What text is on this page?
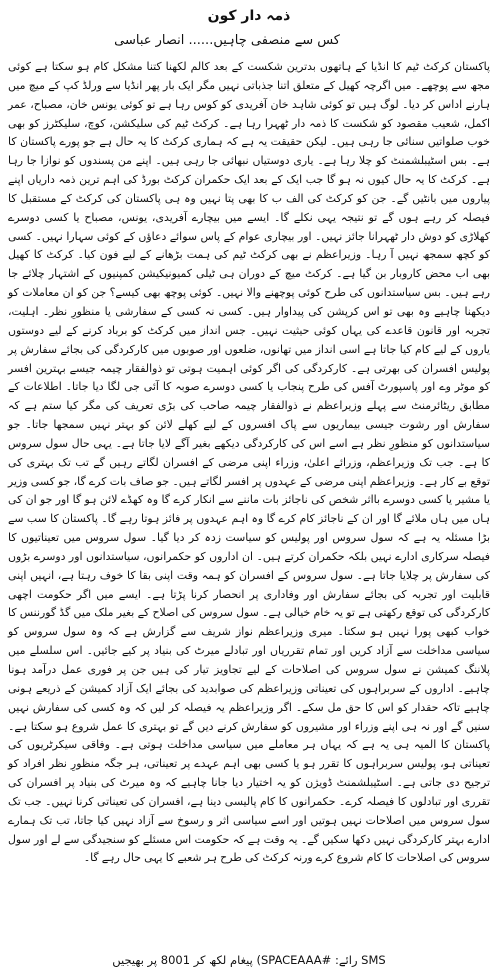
ذمہ دار کون
کس سے منصفی چاہیں...... انصار عباسی

پاکستان کرکٹ ٹیم کا انڈیا کے ہاتھوں بدترین شکست کے بعد کالم لکھنا کتنا مشکل کام ہو سکتا ہے کوئی مجھ سے پوچھے۔ میں اگرچہ کھیل کے متعلق اتنا جذباتی نہیں مگر ایک بار پھر انڈیا سے ورلڈ کپ کے میچ میں ہارنے اداس کر دیا۔ لوگ ہیں تو کوئی شاہد خان آفریدی کو کوس رہا ہے تو کوئی یونس خان، مصباح، عمر اکمل، شعیب مقصود کو شکست کا ذمہ دار ٹھہرا رہا ہے۔ کرکٹ ٹیم کی سلیکشن، کوچ، سلیکٹرز کو بھی خوب صلواتیں سنائی جا رہی ہیں۔ لیکن حقیقت یہ ہے کہ ہماری کرکٹ کا یہ حال ہے جو پورے پاکستان کا ہے۔ بس اسٹیبلشمنٹ کو چلا رہا ہے۔ یاری دوستیاں نبھائی جا رہی ہیں۔ اپنے من پسندوں کو نوازا جا رہا ہے۔ کرکٹ کا یہ حال کیوں نہ ہو گا جب ایک کے بعد ایک حکمران کرکٹ بورڈ کی اہم ترین ذمہ داریاں اپنے پیاروں میں بانٹیں گے۔ جن کو کرکٹ کی الف ب کا بھی پتا نہیں وہ ہی پاکستان کی کرکٹ کے مستقبل کا فیصلہ کر رہے ہوں گے تو نتیجہ یہی نکلے گا۔ ایسے میں بیچارے آفریدی، یونس، مصباح یا کسی دوسرے کھلاڑی کو دوش دار ٹھہرانا جائز نہیں۔ اور بیچاری عوام کے پاس سوائے دعاؤں کے کوئی سہارا نہیں۔ کسی کو کچھ سمجھ نہیں آ رہا۔ وزیراعظم نے بھی کرکٹ ٹیم کی ہمت بڑھانے کے لیے فون کیا۔ کرکٹ کا کھیل بھی اب محض کاروبار بن گیا ہے۔ کرکٹ میچ کے دوران ہی ٹیلی کمیونیکیشن کمپنیوں کے اشتہار چلائے جا رہے ہیں۔ بس سیاستدانوں کی طرح کوئی پوچھنے والا نہیں۔ کوئی پوچھ بھی کیسے؟ جن کو ان معاملات کو دیکھنا چاہیے وہ بھی تو اس کرپشن کی پیداوار ہیں۔ کسی نہ کسی کے سفارشی یا منظورِ نظر۔ اہلیت، تجربہ اور قانون قاعدے کی یہاں کوئی حیثیت نہیں۔ جس انداز میں کرکٹ کو برباد کرنے کے لیے دوستوں یاروں کے لیے کام کیا جاتا ہے اسی انداز میں تھانوں، ضلعوں اور صوبوں میں کارکردگی کی بجائے سفارش پر پولیس افسران کی بھرتی ہے۔ کارکردگی کی اگر کوئی اہمیت ہوتی تو ذوالفقار چیمہ جیسے بہترین افسر کو موٹر وے اور پاسپورٹ آفس کی طرح پنجاب یا کسی دوسرے صوبہ کا آئی جی لگا دیا جاتا۔ اطلاعات کے مطابق ریٹائرمنٹ سے پہلے وزیراعظم نے ذوالفقار چیمہ صاحب کی بڑی تعریف کی مگر کیا ستم ہے کہ سفارش اور رشوت جیسی بیماریوں سے پاک افسروں کے لیے کھلے لائن کو بہتر نہیں سمجھا جاتا۔ جو سیاستدانوں کو منظورِ نظر ہے اسے اس کی کارکردگی دیکھے بغیر آگے لایا جاتا ہے۔ یہی حال سول سروس کا ہے۔ جب تک وزیراعظم، وزرائے اعلیٰ، وزراء اپنی مرضی کے افسران لگاتے رہیں گے تب تک بہتری کی توقع بے کار ہے۔ وزیراعظم اپنی مرضی کے عہدوں پر افسر لگاتے ہیں۔ جو صاف بات کرے گا، جو کسی وزیر یا مشیر یا کسی دوسرے بااثر شخص کی ناجائز بات ماننے سے انکار کرے گا وہ کھڈے لائن ہو گا اور جو ان کی ہاں میں ہاں ملائے گا اور ان کے ناجائز کام کرے گا وہ اہم عہدوں پر فائز ہوتا رہے گا۔ پاکستان کا سب سے بڑا مسئلہ یہ ہے کہ سول سروس اور پولیس کو سیاست زدہ کر دیا گیا۔ سول سروس میں تعیناتیوں کا فیصلہ سرکاری ادارے نہیں بلکہ حکمران کرتے ہیں۔ ان اداروں کو حکمرانوں، سیاستدانوں اور دوسرے بڑوں کی سفارش پر چلایا جاتا ہے۔ سول سروس کے افسران کو ہمہ وقت اپنی بقا کا خوف رہتا ہے، انہیں اپنی قابلیت اور تجربہ کی بجائے سفارش اور وفاداری پر انحصار کرنا پڑتا ہے۔ ایسے میں اگر حکومت اچھی کارکردگی کی توقع رکھتی ہے تو یہ خام خیالی ہے۔ سول سروس کی اصلاح کے بغیر ملک میں گڈ گورننس کا خواب کبھی پورا نہیں ہو سکتا۔ میری وزیراعظم نواز شریف سے گزارش ہے کہ وہ سول سروس کو سیاسی مداخلت سے آزاد کریں اور تمام تقرریاں اور تبادلے میرٹ کی بنیاد پر کیے جائیں۔ اس سلسلے میں پلاننگ کمیشن نے سول سروس کی اصلاحات کے لیے تجاویز تیار کی ہیں جن پر فوری عمل درآمد ہونا چاہیے۔ اداروں کے سربراہوں کی تعیناتی وزیراعظم کی صوابدید کی بجائے ایک آزاد کمیشن کے ذریعے ہونی چاہیے تاکہ حقدار کو اس کا حق مل سکے۔ اگر وزیراعظم یہ فیصلہ کر لیں کہ وہ کسی کی سفارش نہیں سنیں گے اور نہ ہی اپنے وزراء اور مشیروں کو سفارش کرنے دیں گے تو بہتری کا عمل شروع ہو سکتا ہے۔ پاکستان کا المیہ ہی یہ ہے کہ یہاں ہر معاملے میں سیاسی مداخلت ہوتی ہے۔ وفاقی سیکرٹریوں کی تعیناتی ہو، پولیس سربراہوں کا تقرر ہو یا کسی بھی اہم عہدے پر تعیناتی، ہر جگہ منظورِ نظر افراد کو ترجیح دی جاتی ہے۔ اسٹیبلشمنٹ ڈویژن کو یہ اختیار دیا جانا چاہیے کہ وہ میرٹ کی بنیاد پر افسران کی تقرری اور تبادلوں کا فیصلہ کرے۔ حکمرانوں کا کام پالیسی دینا ہے، افسران کی تعیناتی کرنا نہیں۔ جب تک سول سروس میں اصلاحات نہیں ہوتیں اور اسے سیاسی اثر و رسوخ سے آزاد نہیں کیا جاتا، تب تک ہمارے ادارے بہتر کارکردگی نہیں دکھا سکیں گے۔ یہ وقت ہے کہ حکومت اس مسئلے کو سنجیدگی سے لے اور سول سروس کی اصلاحات کا کام شروع کرے ورنہ کرکٹ کی طرح ہر شعبے کا یہی حال رہے گا۔

SMS رائے: #SPACEAAA) پیغام لکھ کر 8001 پر بھیجیں
